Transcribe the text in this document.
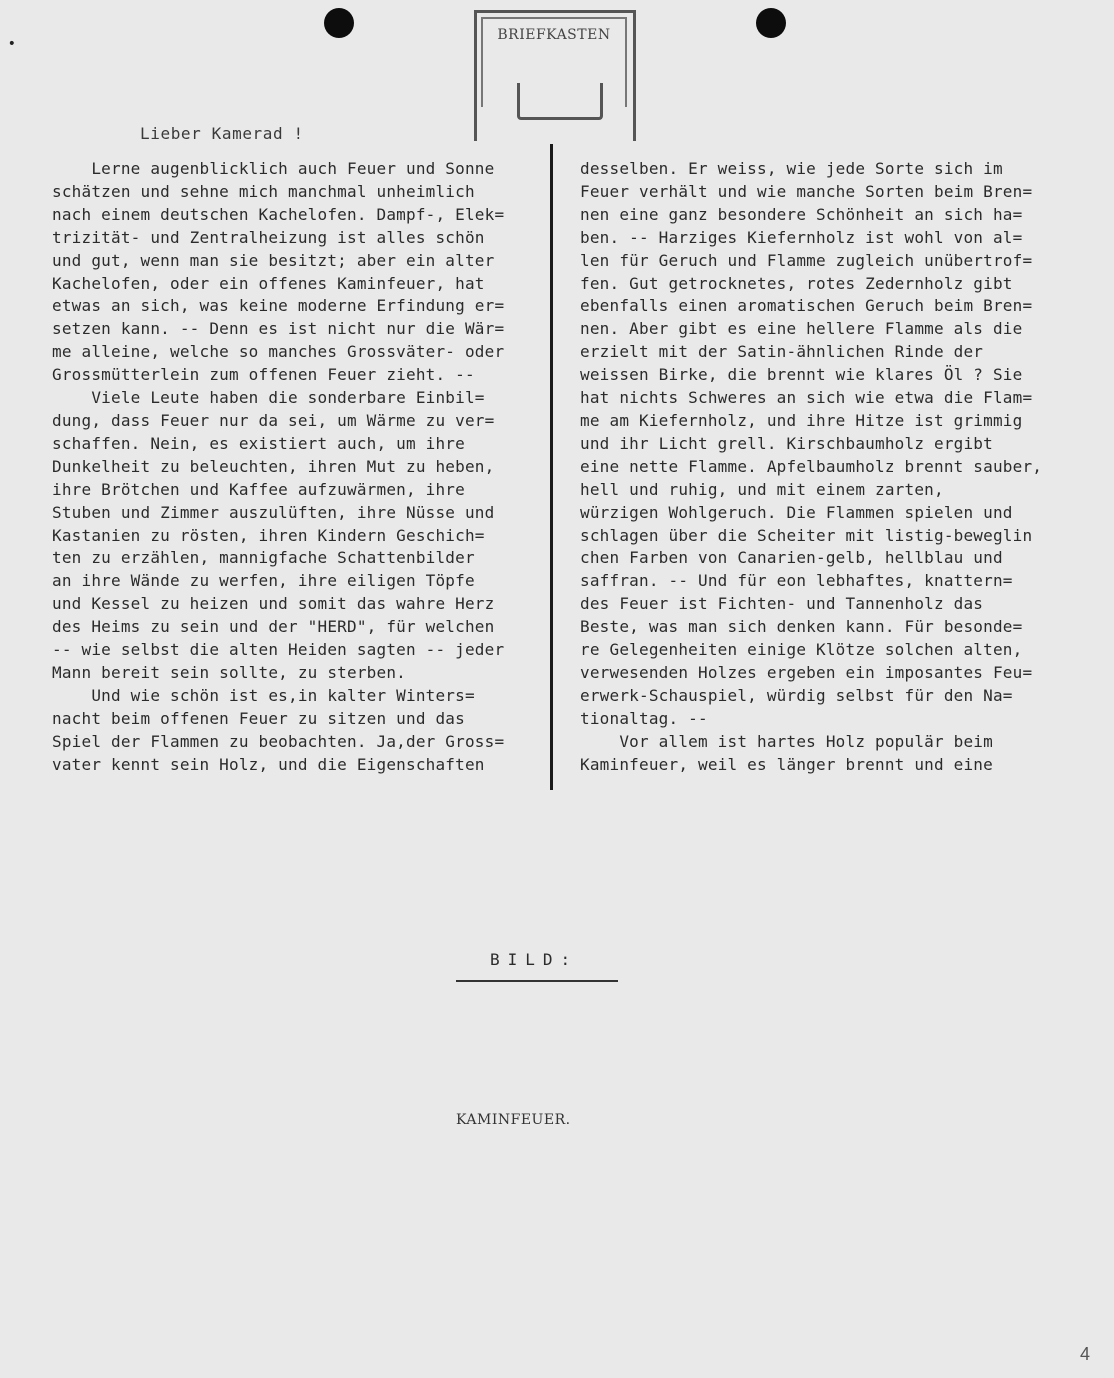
•
BRIEFKASTEN
Lieber Kamerad !
Lerne augenblicklich auch Feuer und Sonne
schätzen und sehne mich manchmal unheimlich
nach einem deutschen Kachelofen. Dampf-, Elek=
trizität- und Zentralheizung ist alles schön
und gut, wenn man sie besitzt; aber ein alter
Kachelofen, oder ein offenes Kaminfeuer, hat
etwas an sich, was keine moderne Erfindung er=
setzen kann. -- Denn es ist nicht nur die Wär=
me alleine, welche so manches Grossväter- oder
Grossmütterlein zum offenen Feuer zieht. --
Viele Leute haben die sonderbare Einbil=
dung, dass Feuer nur da sei, um Wärme zu ver=
schaffen. Nein, es existiert auch, um ihre
Dunkelheit zu beleuchten, ihren Mut zu heben,
ihre Brötchen und Kaffee aufzuwärmen, ihre
Stuben und Zimmer auszulüften, ihre Nüsse und
Kastanien zu rösten, ihren Kindern Geschich=
ten zu erzählen, mannigfache Schattenbilder
an ihre Wände zu werfen, ihre eiligen Töpfe
und Kessel zu heizen und somit das wahre Herz
des Heims zu sein und der "HERD", für welchen
-- wie selbst die alten Heiden sagten -- jeder
Mann bereit sein sollte, zu sterben.
Und wie schön ist es,in kalter Winters=
nacht beim offenen Feuer zu sitzen und das
Spiel der Flammen zu beobachten. Ja,der Gross=
vater kennt sein Holz, und die Eigenschaften
desselben. Er weiss, wie jede Sorte sich im
Feuer verhält und wie manche Sorten beim Bren=
nen eine ganz besondere Schönheit an sich ha=
ben. -- Harziges Kiefernholz ist wohl von al=
len für Geruch und Flamme zugleich unübertrof=
fen. Gut getrocknetes, rotes Zedernholz gibt
ebenfalls einen aromatischen Geruch beim Bren=
nen. Aber gibt es eine hellere Flamme als die
erzielt mit der Satin-ähnlichen Rinde der
weissen Birke, die brennt wie klares Öl ? Sie
hat nichts Schweres an sich wie etwa die Flam=
me am Kiefernholz, und ihre Hitze ist grimmig
und ihr Licht grell. Kirschbaumholz ergibt
eine nette Flamme. Apfelbaumholz brennt sauber,
hell und ruhig, und mit einem zarten,
würzigen Wohlgeruch. Die Flammen spielen und
schlagen über die Scheiter mit listig-beweglin
chen Farben von Canarien-gelb, hellblau und
saffran. -- Und für eon lebhaftes, knattern=
des Feuer ist Fichten- und Tannenholz das
Beste, was man sich denken kann. Für besonde=
re Gelegenheiten einige Klötze solchen alten,
verwesenden Holzes ergeben ein imposantes Feu=
erwerk-Schauspiel, würdig selbst für den Na=
tionaltag. --
Vor allem ist hartes Holz populär beim
Kaminfeuer, weil es länger brennt und eine
BILD:
KAMINFEUER.
4
